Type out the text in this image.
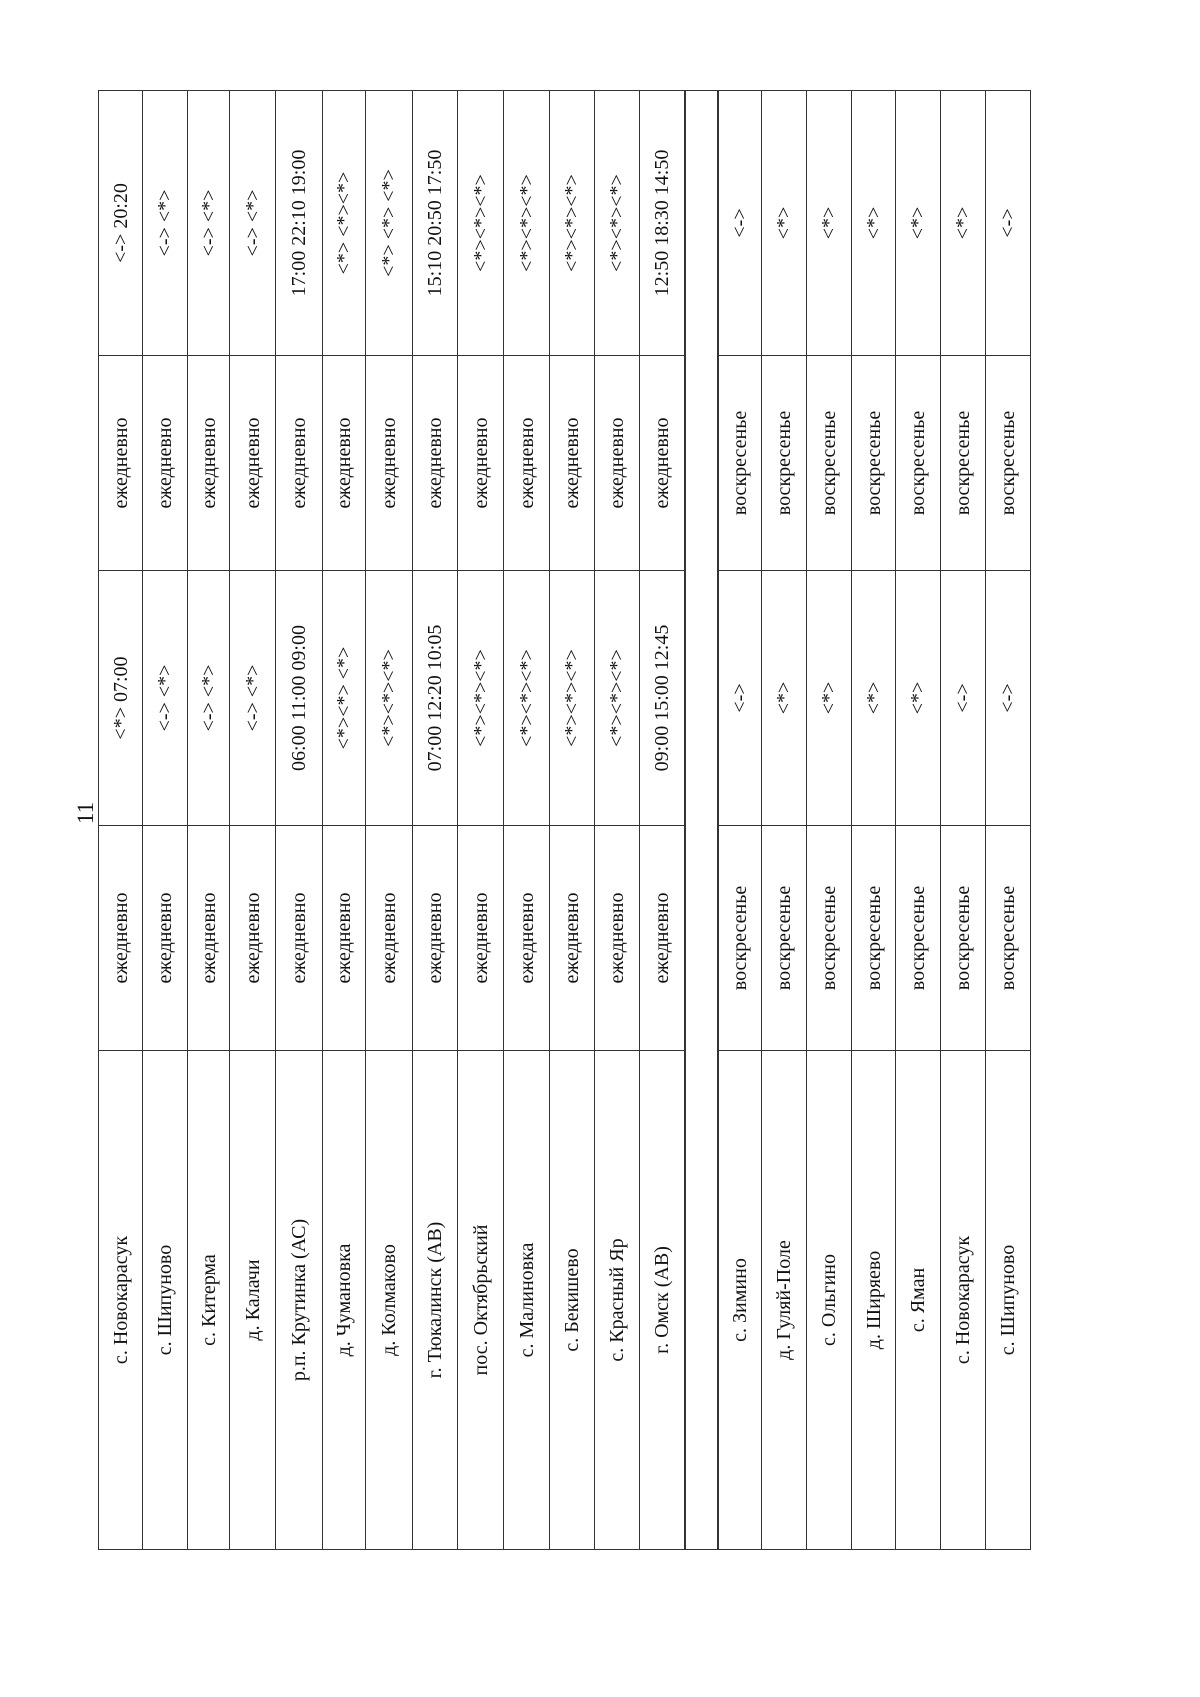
11
<-> 20:20
ежедневно
<*> 07:00
ежедневно
с. Новокарасук
<-> <*>
ежедневно
<-> <*>
ежедневно
с. Шипуново
<-> <*>
ежедневно
<-> <*>
ежедневно
с. Китерма
<-> <*>
ежедневно
<-> <*>
ежедневно
д. Калачи
17:00 22:10 19:00
ежедневно
06:00 11:00 09:00
ежедневно
р.п. Крутинка (АС)
<*> <*><*>
ежедневно
<*><*> <*>
ежедневно
д. Чумановка
<*> <*> <*>
ежедневно
<*><*><*>
ежедневно
д. Колмаково
15:10 20:50 17:50
ежедневно
07:00 12:20 10:05
ежедневно
г. Тюкалинск (АВ)
<*><*><*>
ежедневно
<*><*><*>
ежедневно
пос. Октябрьский
<*><*><*>
ежедневно
<*><*><*>
ежедневно
с. Малиновка
<*><*><*>
ежедневно
<*><*><*>
ежедневно
с. Бекишево
<*><*><*>
ежедневно
<*><*><*>
ежедневно
с. Красный Яр
12:50 18:30 14:50
ежедневно
09:00 15:00 12:45
ежедневно
г. Омск (АВ)
<->
воскресенье
<->
воскресенье
с. Зимино
<*>
воскресенье
<*>
воскресенье
д. Гуляй-Поле
<*>
воскресенье
<*>
воскресенье
с. Ольгино
<*>
воскресенье
<*>
воскресенье
д. Ширяево
<*>
воскресенье
<*>
воскресенье
с. Яман
<*>
воскресенье
<->
воскресенье
с. Новокарасук
<->
воскресенье
<->
воскресенье
с. Шипуново
